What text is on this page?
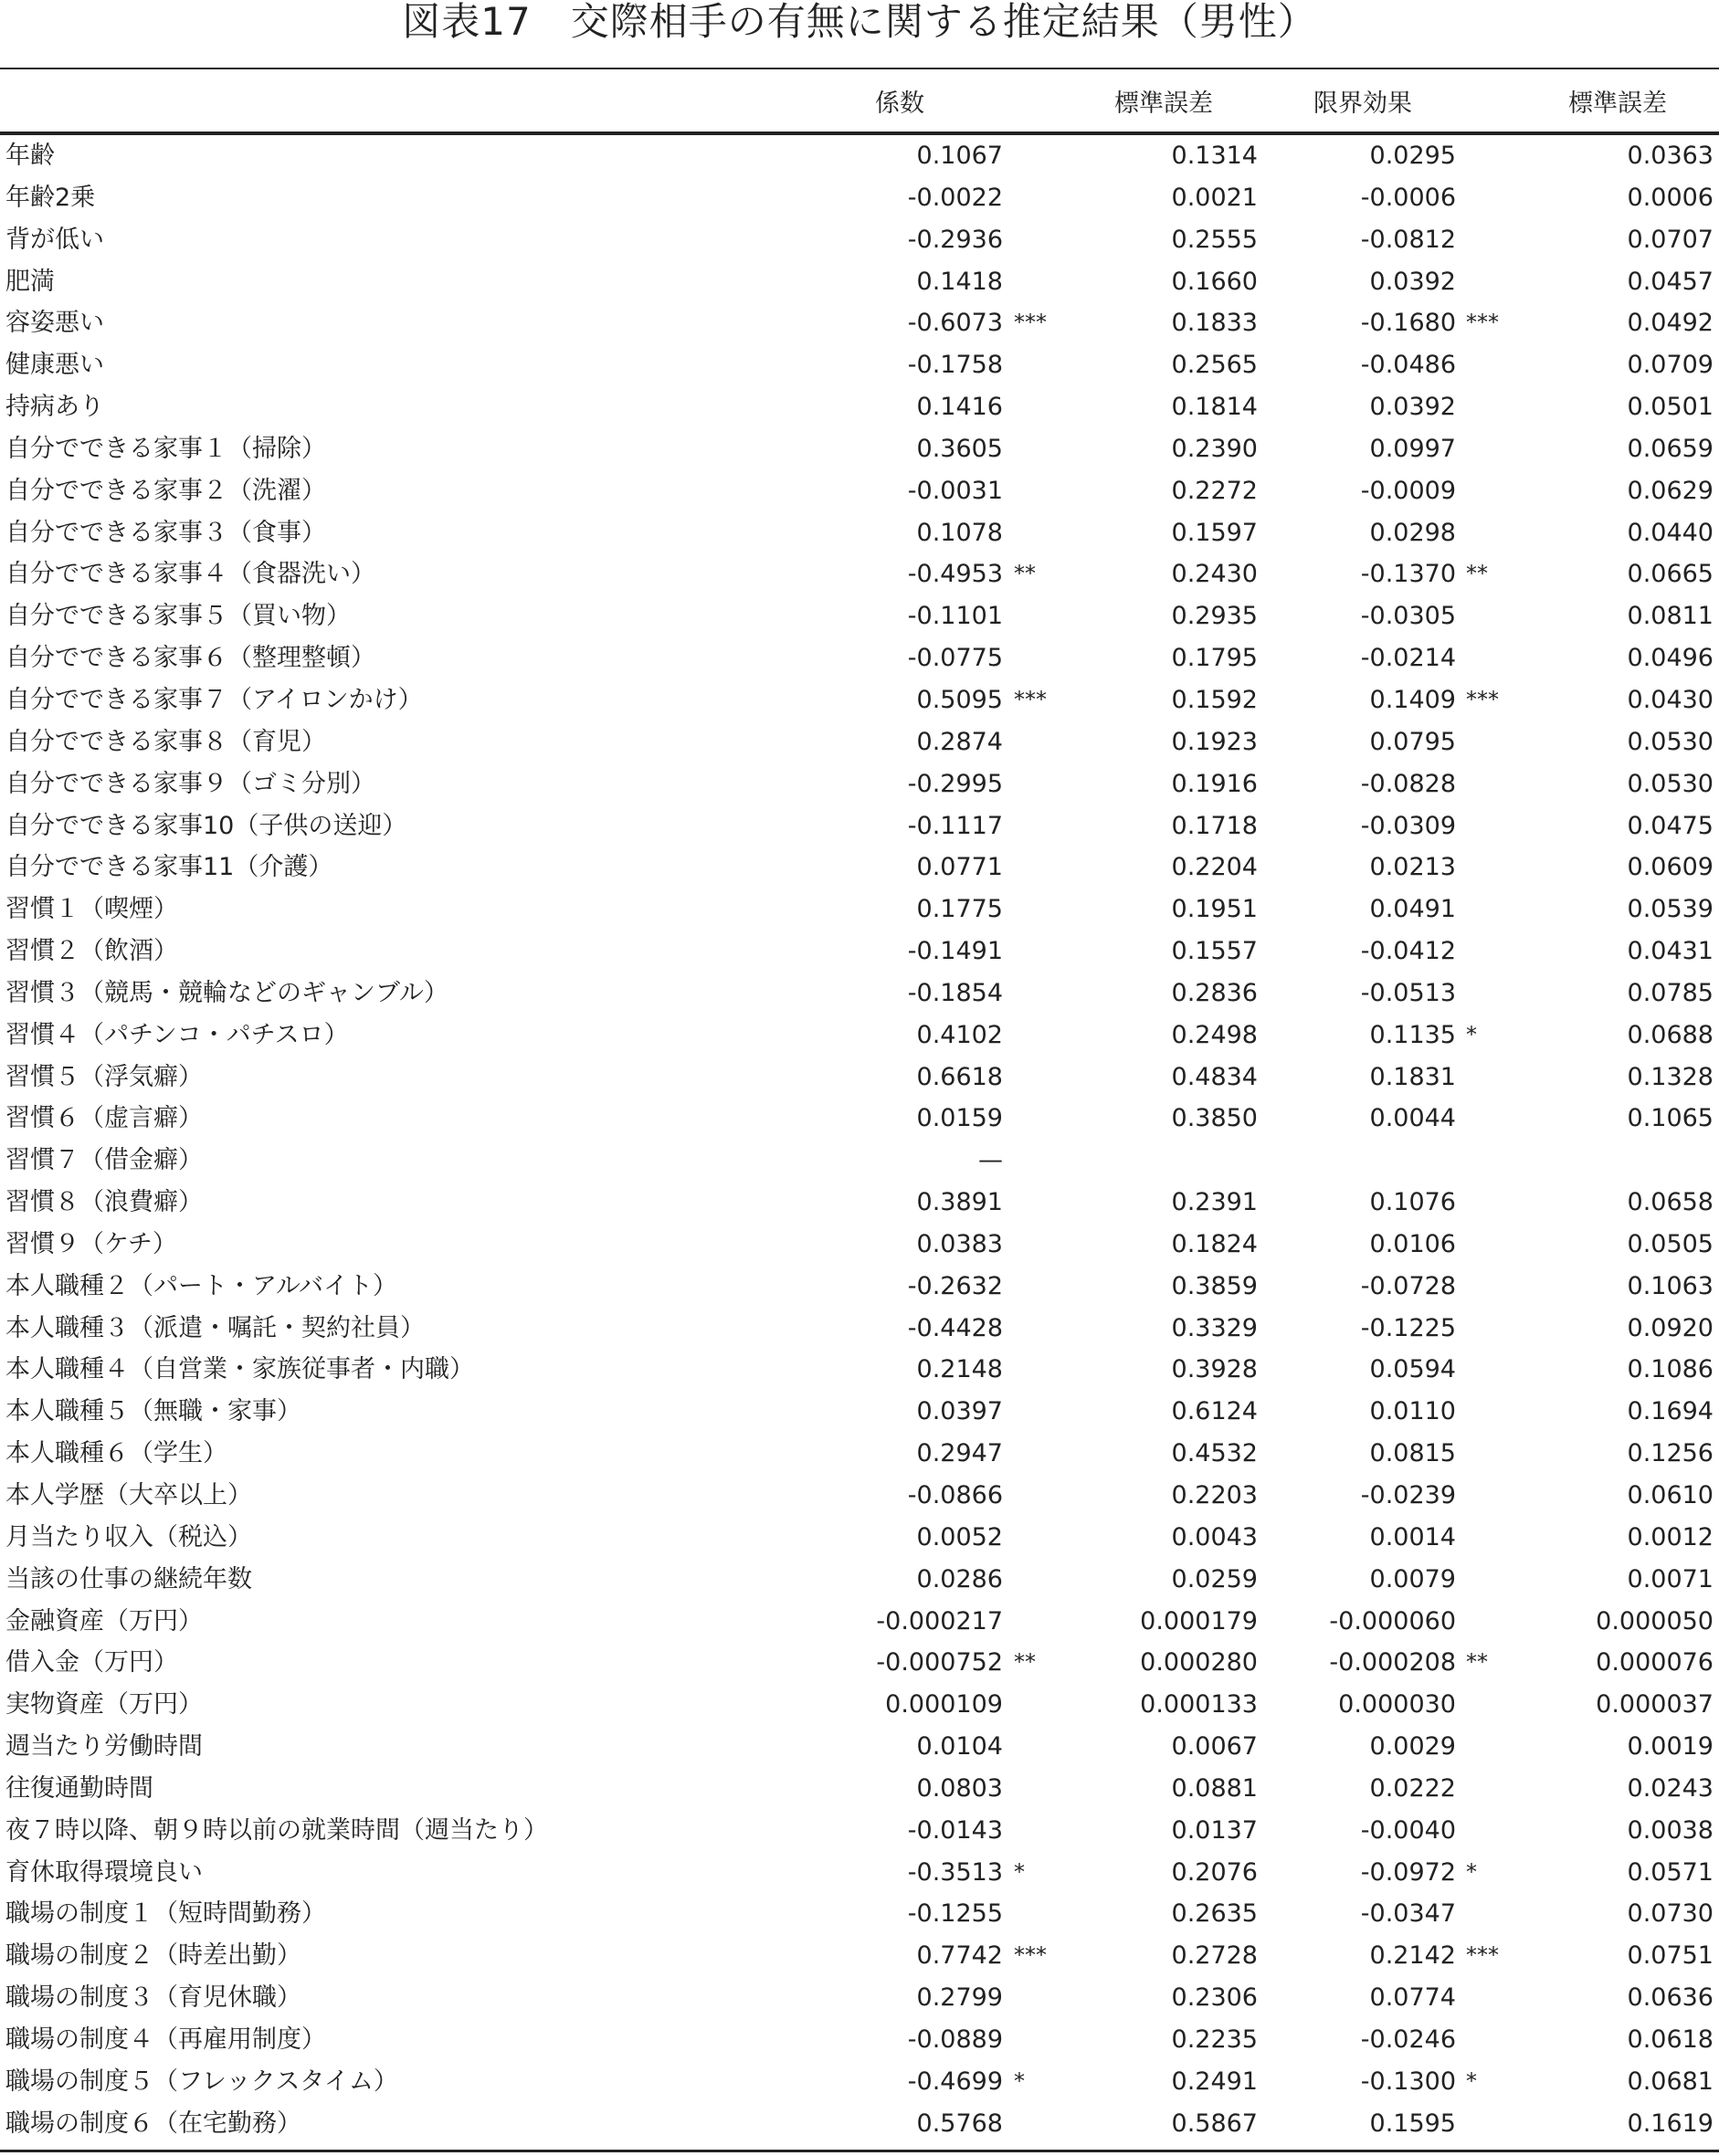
図表17　交際相手の有無に関する推定結果（男性）
係数	標準誤差	限界効果	標準誤差
年齢	0.1067	0.1314	0.0295	0.0363
年齢2乗	-0.0022	0.0021	-0.0006	0.0006
背が低い	-0.2936	0.2555	-0.0812	0.0707
肥満	0.1418	0.1660	0.0392	0.0457
容姿悪い	-0.6073 ***	0.1833	-0.1680 ***	0.0492
健康悪い	-0.1758	0.2565	-0.0486	0.0709
持病あり	0.1416	0.1814	0.0392	0.0501
自分でできる家事１（掃除）	0.3605	0.2390	0.0997	0.0659
自分でできる家事２（洗濯）	-0.0031	0.2272	-0.0009	0.0629
自分でできる家事３（食事）	0.1078	0.1597	0.0298	0.0440
自分でできる家事４（食器洗い）	-0.4953 **	0.2430	-0.1370 **	0.0665
自分でできる家事５（買い物）	-0.1101	0.2935	-0.0305	0.0811
自分でできる家事６（整理整頓）	-0.0775	0.1795	-0.0214	0.0496
自分でできる家事７（アイロンかけ）	0.5095 ***	0.1592	0.1409 ***	0.0430
自分でできる家事８（育児）	0.2874	0.1923	0.0795	0.0530
自分でできる家事９（ゴミ分別）	-0.2995	0.1916	-0.0828	0.0530
自分でできる家事10（子供の送迎）	-0.1117	0.1718	-0.0309	0.0475
自分でできる家事11（介護）	0.0771	0.2204	0.0213	0.0609
習慣１（喫煙）	0.1775	0.1951	0.0491	0.0539
習慣２（飲酒）	-0.1491	0.1557	-0.0412	0.0431
習慣３（競馬・競輪などのギャンブル）	-0.1854	0.2836	-0.0513	0.0785
習慣４（パチンコ・パチスロ）	0.4102	0.2498	0.1135 *	0.0688
習慣５（浮気癖）	0.6618	0.4834	0.1831	0.1328
習慣６（虚言癖）	0.0159	0.3850	0.0044	0.1065
習慣７（借金癖）	—
習慣８（浪費癖）	0.3891	0.2391	0.1076	0.0658
習慣９（ケチ）	0.0383	0.1824	0.0106	0.0505
本人職種２（パート・アルバイト）	-0.2632	0.3859	-0.0728	0.1063
本人職種３（派遣・嘱託・契約社員）	-0.4428	0.3329	-0.1225	0.0920
本人職種４（自営業・家族従事者・内職）	0.2148	0.3928	0.0594	0.1086
本人職種５（無職・家事）	0.0397	0.6124	0.0110	0.1694
本人職種６（学生）	0.2947	0.4532	0.0815	0.1256
本人学歴（大卒以上）	-0.0866	0.2203	-0.0239	0.0610
月当たり収入（税込）	0.0052	0.0043	0.0014	0.0012
当該の仕事の継続年数	0.0286	0.0259	0.0079	0.0071
金融資産（万円）	-0.000217	0.000179	-0.000060	0.000050
借入金（万円）	-0.000752 **	0.000280	-0.000208 **	0.000076
実物資産（万円）	0.000109	0.000133	0.000030	0.000037
週当たり労働時間	0.0104	0.0067	0.0029	0.0019
往復通勤時間	0.0803	0.0881	0.0222	0.0243
夜７時以降、朝９時以前の就業時間（週当たり）	-0.0143	0.0137	-0.0040	0.0038
育休取得環境良い	-0.3513 *	0.2076	-0.0972 *	0.0571
職場の制度１（短時間勤務）	-0.1255	0.2635	-0.0347	0.0730
職場の制度２（時差出勤）	0.7742 ***	0.2728	0.2142 ***	0.0751
職場の制度３（育児休職）	0.2799	0.2306	0.0774	0.0636
職場の制度４（再雇用制度）	-0.0889	0.2235	-0.0246	0.0618
職場の制度５（フレックスタイム）	-0.4699 *	0.2491	-0.1300 *	0.0681
職場の制度６（在宅勤務）	0.5768	0.5867	0.1595	0.1619
